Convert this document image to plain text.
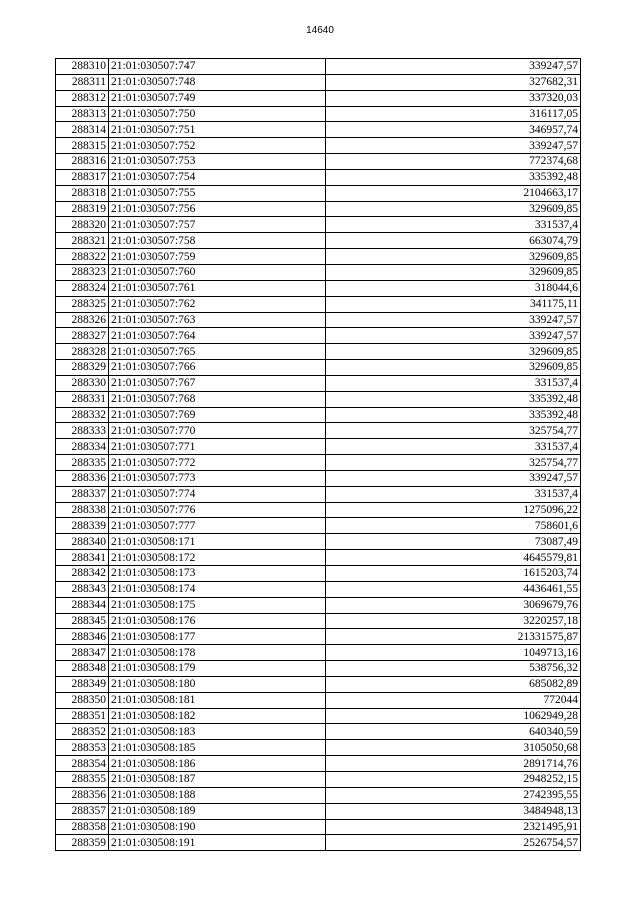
14640
288310	21:01:030507:747	339247,57
288311	21:01:030507:748	327682,31
288312	21:01:030507:749	337320,03
288313	21:01:030507:750	316117,05
288314	21:01:030507:751	346957,74
288315	21:01:030507:752	339247,57
288316	21:01:030507:753	772374,68
288317	21:01:030507:754	335392,48
288318	21:01:030507:755	2104663,17
288319	21:01:030507:756	329609,85
288320	21:01:030507:757	331537,4
288321	21:01:030507:758	663074,79
288322	21:01:030507:759	329609,85
288323	21:01:030507:760	329609,85
288324	21:01:030507:761	318044,6
288325	21:01:030507:762	341175,11
288326	21:01:030507:763	339247,57
288327	21:01:030507:764	339247,57
288328	21:01:030507:765	329609,85
288329	21:01:030507:766	329609,85
288330	21:01:030507:767	331537,4
288331	21:01:030507:768	335392,48
288332	21:01:030507:769	335392,48
288333	21:01:030507:770	325754,77
288334	21:01:030507:771	331537,4
288335	21:01:030507:772	325754,77
288336	21:01:030507:773	339247,57
288337	21:01:030507:774	331537,4
288338	21:01:030507:776	1275096,22
288339	21:01:030507:777	758601,6
288340	21:01:030508:171	73087,49
288341	21:01:030508:172	4645579,81
288342	21:01:030508:173	1615203,74
288343	21:01:030508:174	4436461,55
288344	21:01:030508:175	3069679,76
288345	21:01:030508:176	3220257,18
288346	21:01:030508:177	21331575,87
288347	21:01:030508:178	1049713,16
288348	21:01:030508:179	538756,32
288349	21:01:030508:180	685082,89
288350	21:01:030508:181	772044
288351	21:01:030508:182	1062949,28
288352	21:01:030508:183	640340,59
288353	21:01:030508:185	3105050,68
288354	21:01:030508:186	2891714,76
288355	21:01:030508:187	2948252,15
288356	21:01:030508:188	2742395,55
288357	21:01:030508:189	3484948,13
288358	21:01:030508:190	2321495,91
288359	21:01:030508:191	2526754,57
